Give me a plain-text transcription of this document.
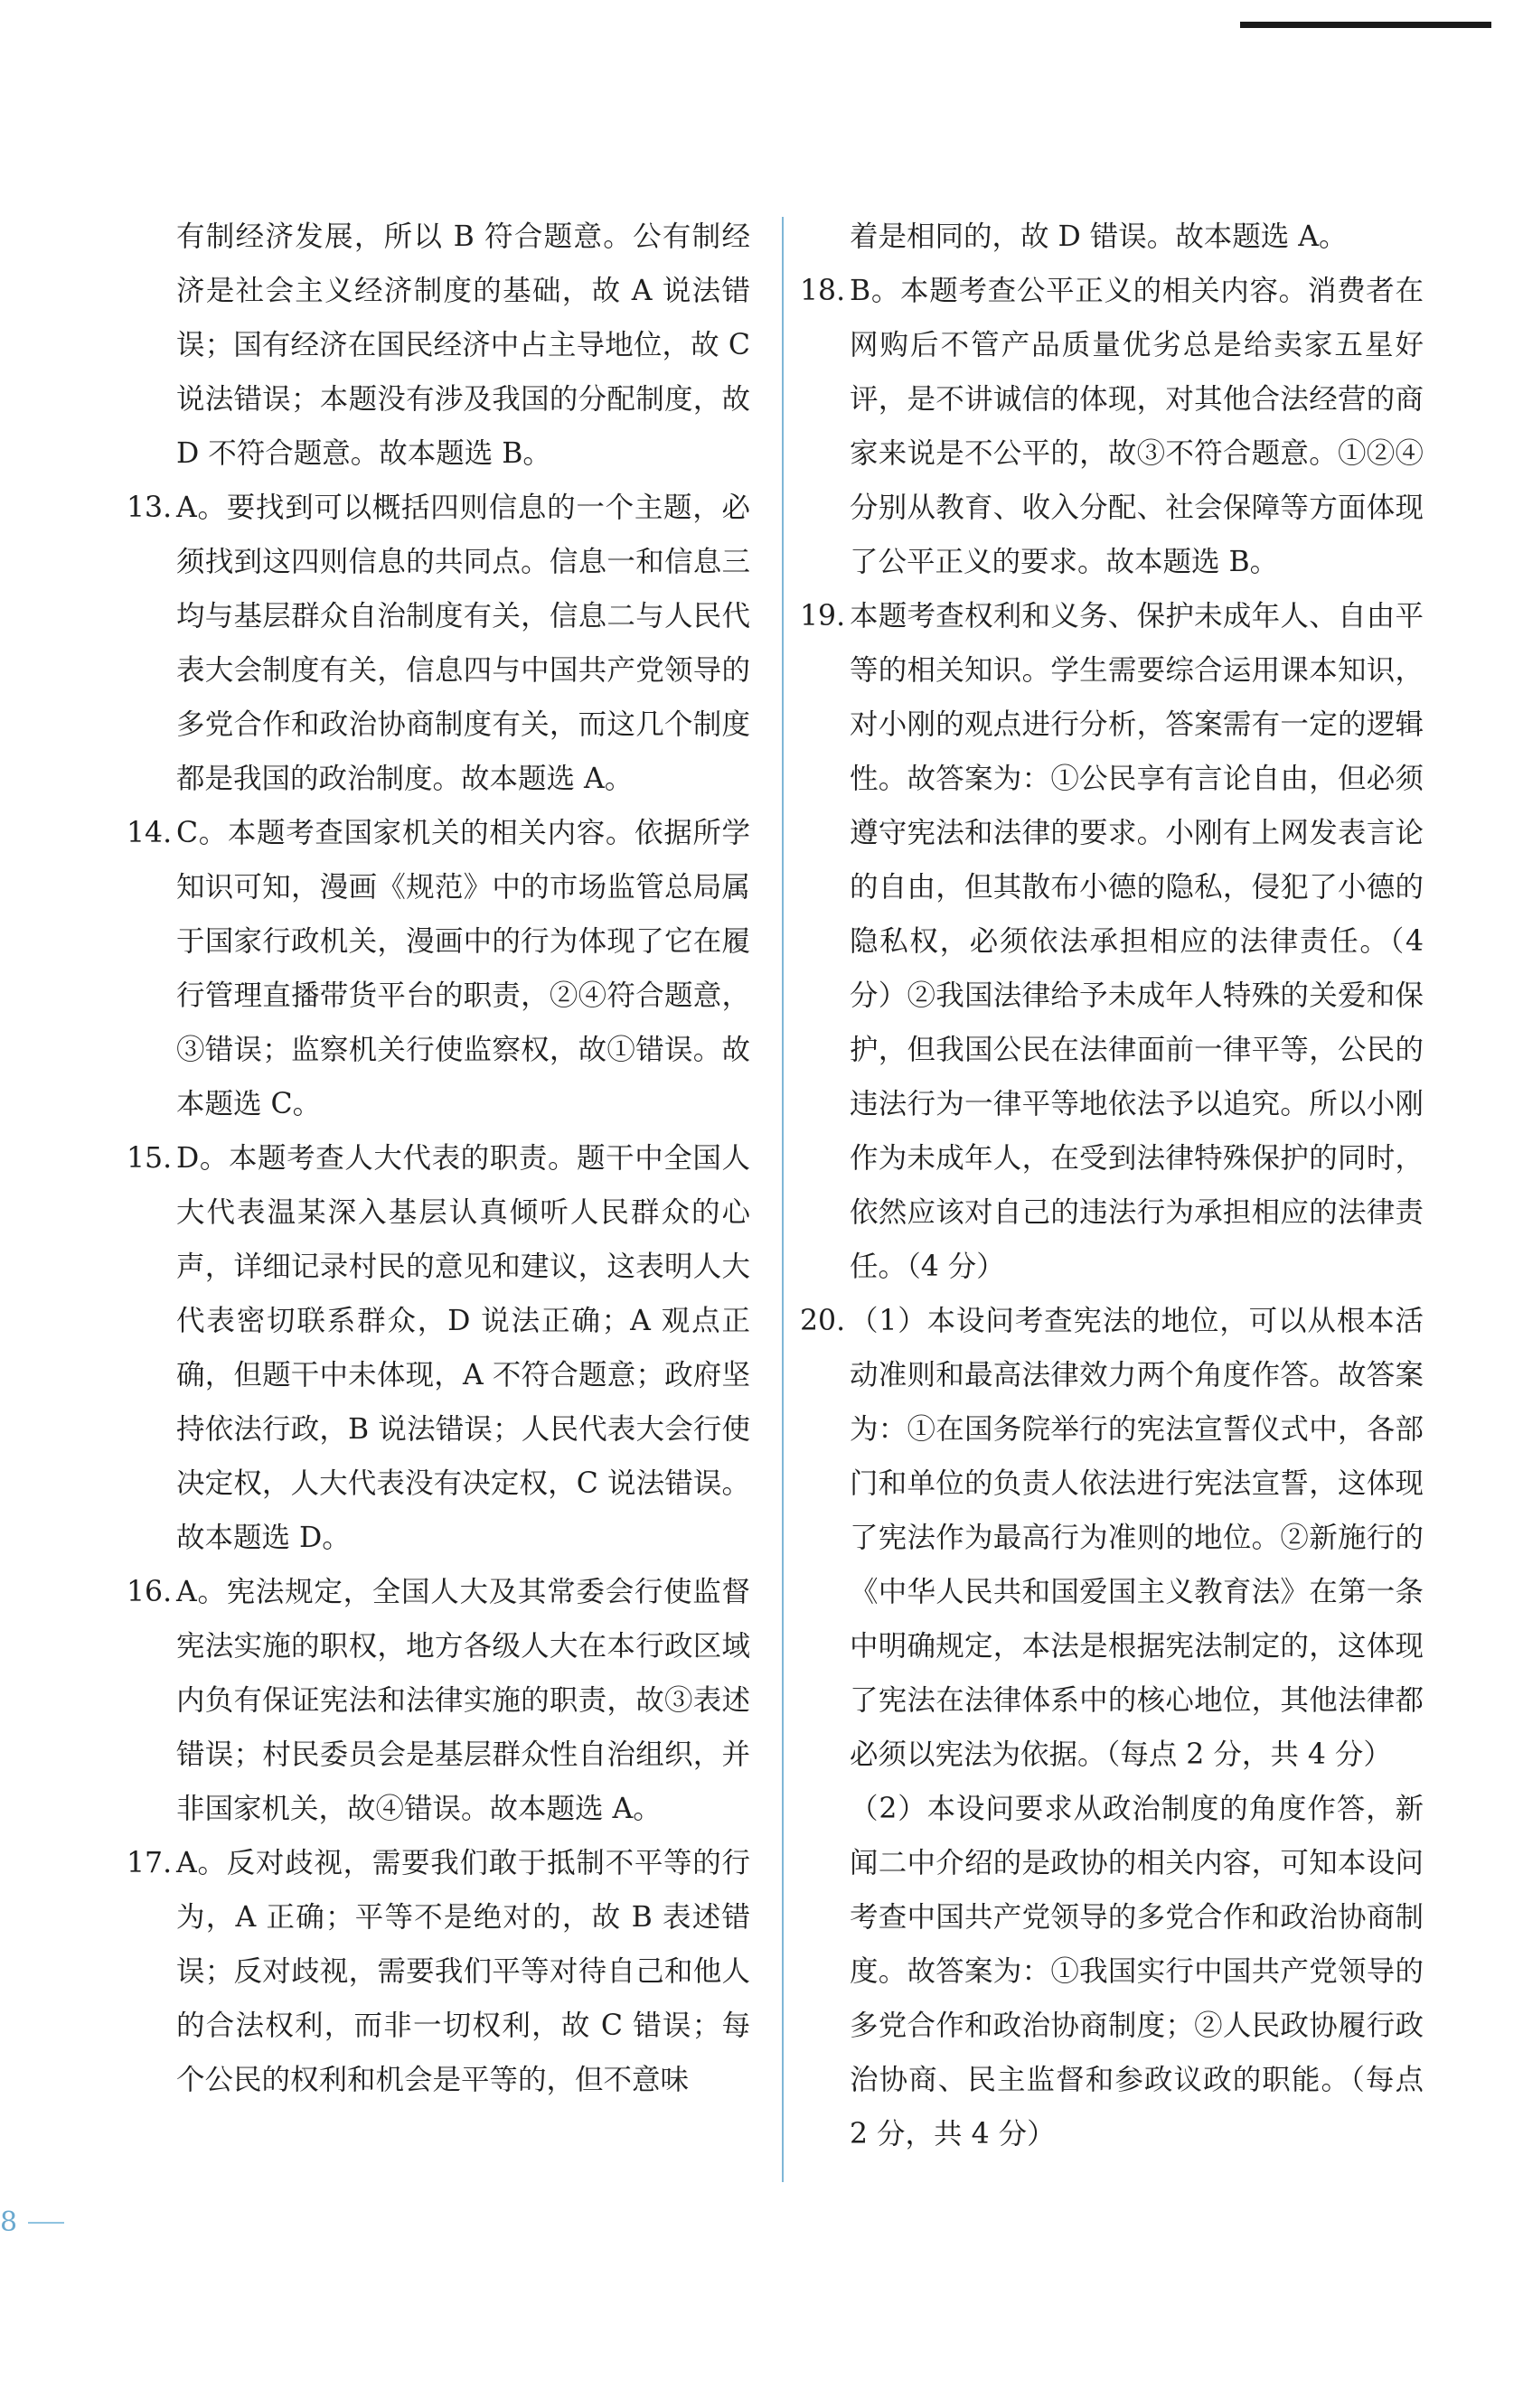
有制经济发展，所以 B 符合题意。公有制经济是社会主义经济制度的基础，故 A 说法错误；国有经济在国民经济中占主导地位，故 C 说法错误；本题没有涉及我国的分配制度，故 D 不符合题意。故本题选 B。

13. A。要找到可以概括四则信息的一个主题，必须找到这四则信息的共同点。信息一和信息三均与基层群众自治制度有关，信息二与人民代表大会制度有关，信息四与中国共产党领导的多党合作和政治协商制度有关，而这几个制度都是我国的政治制度。故本题选 A。

14. C。本题考查国家机关的相关内容。依据所学知识可知，漫画《规范》中的市场监管总局属于国家行政机关，漫画中的行为体现了它在履行管理直播带货平台的职责，②④符合题意，③错误；监察机关行使监察权，故①错误。故本题选 C。

15. D。本题考查人大代表的职责。题干中全国人大代表温某深入基层认真倾听人民群众的心声，详细记录村民的意见和建议，这表明人大代表密切联系群众，D 说法正确；A 观点正确，但题干中未体现，A 不符合题意；政府坚持依法行政，B 说法错误；人民代表大会行使决定权，人大代表没有决定权，C 说法错误。故本题选 D。

16. A。宪法规定，全国人大及其常委会行使监督宪法实施的职权，地方各级人大在本行政区域内负有保证宪法和法律实施的职责，故③表述错误；村民委员会是基层群众性自治组织，并非国家机关，故④错误。故本题选 A。

17. A。反对歧视，需要我们敢于抵制不平等的行为，A 正确；平等不是绝对的，故 B 表述错误；反对歧视，需要我们平等对待自己和他人的合法权利，而非一切权利，故 C 错误；每个公民的权利和机会是平等的，但不意味

着是相同的，故 D 错误。故本题选 A。

18. B。本题考查公平正义的相关内容。消费者在网购后不管产品质量优劣总是给卖家五星好评，是不讲诚信的体现，对其他合法经营的商家来说是不公平的，故③不符合题意。①②④分别从教育、收入分配、社会保障等方面体现了公平正义的要求。故本题选 B。

19. 本题考查权利和义务、保护未成年人、自由平等的相关知识。学生需要综合运用课本知识，对小刚的观点进行分析，答案需有一定的逻辑性。故答案为：①公民享有言论自由，但必须遵守宪法和法律的要求。小刚有上网发表言论的自由，但其散布小德的隐私，侵犯了小德的隐私权，必须依法承担相应的法律责任。（4 分）②我国法律给予未成年人特殊的关爱和保护，但我国公民在法律面前一律平等，公民的违法行为一律平等地依法予以追究。所以小刚作为未成年人，在受到法律特殊保护的同时，依然应该对自己的违法行为承担相应的法律责任。（4 分）

20. （1）本设问考查宪法的地位，可以从根本活动准则和最高法律效力两个角度作答。故答案为：①在国务院举行的宪法宣誓仪式中，各部门和单位的负责人依法进行宪法宣誓，这体现了宪法作为最高行为准则的地位。②新施行的《中华人民共和国爱国主义教育法》在第一条中明确规定，本法是根据宪法制定的，这体现了宪法在法律体系中的核心地位，其他法律都必须以宪法为依据。（每点 2 分，共 4 分）

（2）本设问要求从政治制度的角度作答，新闻二中介绍的是政协的相关内容，可知本设问考查中国共产党领导的多党合作和政治协商制度。故答案为：①我国实行中国共产党领导的多党合作和政治协商制度；②人民政协履行政治协商、民主监督和参政议政的职能。（每点 2 分，共 4 分）

8
